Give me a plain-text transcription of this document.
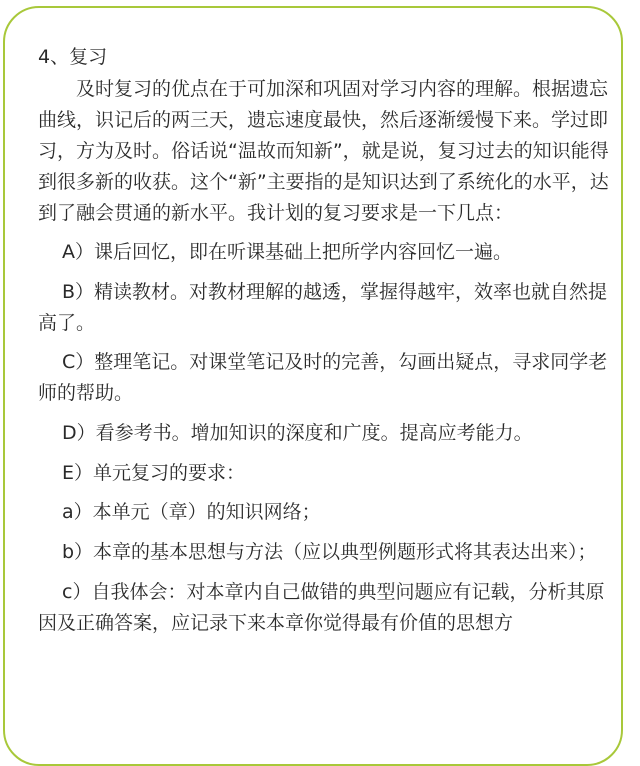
4、复习

及时复习的优点在于可加深和巩固对学习内容的理解。根据遗忘曲线，识记后的两三天，遗忘速度最快，然后逐渐缓慢下来。学过即习，方为及时。俗话说“温故而知新”，就是说，复习过去的知识能得到很多新的收获。这个“新”主要指的是知识达到了系统化的水平，达到了融会贯通的新水平。我计划的复习要求是一下几点：

A）课后回忆，即在听课基础上把所学内容回忆一遍。

B）精读教材。对教材理解的越透，掌握得越牢，效率也就自然提高了。

C）整理笔记。对课堂笔记及时的完善，勾画出疑点，寻求同学老师的帮助。

D）看参考书。增加知识的深度和广度。提高应考能力。

E）单元复习的要求：

a）本单元（章）的知识网络；

b）本章的基本思想与方法（应以典型例题形式将其表达出来）；

c）自我体会：对本章内自己做错的典型问题应有记载，分析其原因及正确答案，应记录下来本章你觉得最有价值的思想方
